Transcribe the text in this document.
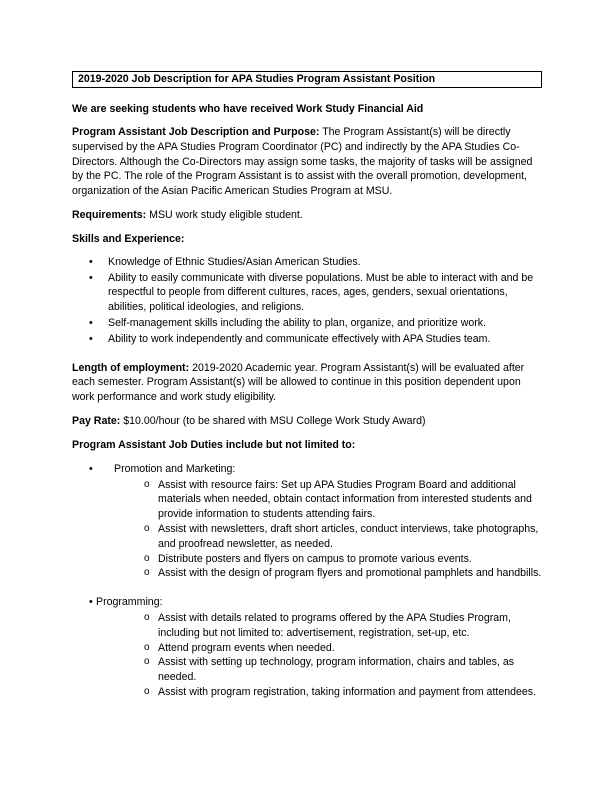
2019-2020 Job Description for APA Studies Program Assistant Position
We are seeking students who have received Work Study Financial Aid

Program Assistant Job Description and Purpose: The Program Assistant(s) will be directly supervised by the APA Studies Program Coordinator (PC) and indirectly by the APA Studies Co-Directors. Although the Co-Directors may assign some tasks, the majority of tasks will be assigned by the PC. The role of the Program Assistant is to assist with the overall promotion, development, organization of the Asian Pacific American Studies Program at MSU.

Requirements: MSU work study eligible student.

Skills and Experience:
• Knowledge of Ethnic Studies/Asian American Studies.
• Ability to easily communicate with diverse populations. Must be able to interact with and be respectful to people from different cultures, races, ages, genders, sexual orientations, abilities, political ideologies, and religions.
• Self-management skills including the ability to plan, organize, and prioritize work.
• Ability to work independently and communicate effectively with APA Studies team.

Length of employment: 2019-2020 Academic year. Program Assistant(s) will be evaluated after each semester. Program Assistant(s) will be allowed to continue in this position dependent upon work performance and work study eligibility.

Pay Rate: $10.00/hour (to be shared with MSU College Work Study Award)

Program Assistant Job Duties include but not limited to:
• Promotion and Marketing:
o Assist with resource fairs: Set up APA Studies Program Board and additional materials when needed, obtain contact information from interested students and provide information to students attending fairs.
o Assist with newsletters, draft short articles, conduct interviews, take photographs, and proofread newsletter, as needed.
o Distribute posters and flyers on campus to promote various events.
o Assist with the design of program flyers and promotional pamphlets and handbills.
• Programming:
o Assist with details related to programs offered by the APA Studies Program, including but not limited to: advertisement, registration, set-up, etc.
o Attend program events when needed.
o Assist with setting up technology, program information, chairs and tables, as needed.
o Assist with program registration, taking information and payment from attendees.
